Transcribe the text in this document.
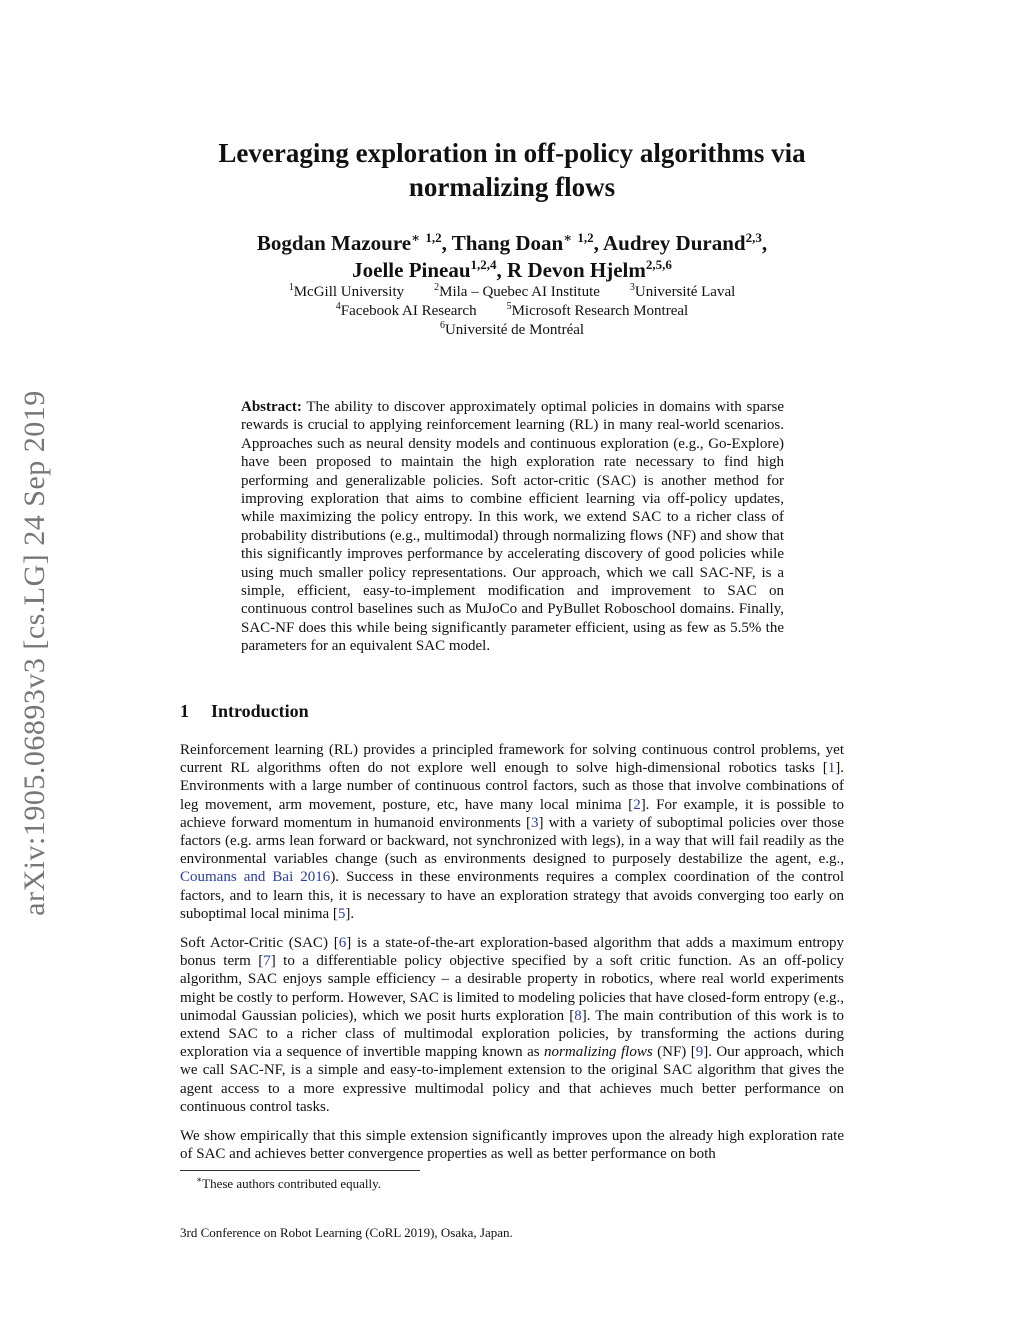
arXiv:1905.06893v3 [cs.LG] 24 Sep 2019
Leveraging exploration in off-policy algorithms via
normalizing flows
Bogdan Mazoure∗ $^{1,2}$, Thang Doan∗ $^{1,2}$, Audrey Durand$^{2,3}$,
Joelle Pineau$^{1,2,4}$, R Devon Hjelm$^{2,5,6}$
$^1$McGill University	$^2$Mila – Quebec AI Institute	$^3$Université Laval
$^4$Facebook AI Research	$^5$Microsoft Research Montreal
$^6$Université de Montréal
Abstract: The ability to discover approximately optimal policies in domains with sparse rewards is crucial to applying reinforcement learning (RL) in many real-world scenarios. Approaches such as neural density models and continuous exploration (e.g., Go-Explore) have been proposed to maintain the high exploration rate necessary to find high performing and generalizable policies. Soft actor-critic (SAC) is another method for improving exploration that aims to combine efficient learning via off-policy updates, while maximizing the policy entropy. In this work, we extend SAC to a richer class of probability distributions (e.g., multimodal) through normalizing flows (NF) and show that this significantly improves performance by accelerating discovery of good policies while using much smaller policy representations. Our approach, which we call SAC-NF, is a simple, efficient, easy-to-implement modification and improvement to SAC on continuous control baselines such as MuJoCo and PyBullet Roboschool domains. Finally, SAC-NF does this while being significantly parameter efficient, using as few as 5.5% the parameters for an equivalent SAC model.
1 Introduction
Reinforcement learning (RL) provides a principled framework for solving continuous control problems, yet current RL algorithms often do not explore well enough to solve high-dimensional robotics tasks [1]. Environments with a large number of continuous control factors, such as those that involve combinations of leg movement, arm movement, posture, etc, have many local minima [2]. For example, it is possible to achieve forward momentum in humanoid environments [3] with a variety of suboptimal policies over those factors (e.g. arms lean forward or backward, not synchronized with legs), in a way that will fail readily as the environmental variables change (such as environments designed to purposely destabilize the agent, e.g., Coumans and Bai 2016). Success in these environments requires a complex coordination of the control factors, and to learn this, it is necessary to have an exploration strategy that avoids converging too early on suboptimal local minima [5].
Soft Actor-Critic (SAC) [6] is a state-of-the-art exploration-based algorithm that adds a maximum entropy bonus term [7] to a differentiable policy objective specified by a soft critic function. As an off-policy algorithm, SAC enjoys sample efficiency – a desirable property in robotics, where real world experiments might be costly to perform. However, SAC is limited to modeling policies that have closed-form entropy (e.g., unimodal Gaussian policies), which we posit hurts exploration [8]. The main contribution of this work is to extend SAC to a richer class of multimodal exploration policies, by transforming the actions during exploration via a sequence of invertible mapping known as normalizing flows (NF) [9]. Our approach, which we call SAC-NF, is a simple and easy-to-implement extension to the original SAC algorithm that gives the agent access to a more expressive multimodal policy and that achieves much better performance on continuous control tasks.
We show empirically that this simple extension significantly improves upon the already high exploration rate of SAC and achieves better convergence properties as well as better performance on both
∗These authors contributed equally.
3rd Conference on Robot Learning (CoRL 2019), Osaka, Japan.
